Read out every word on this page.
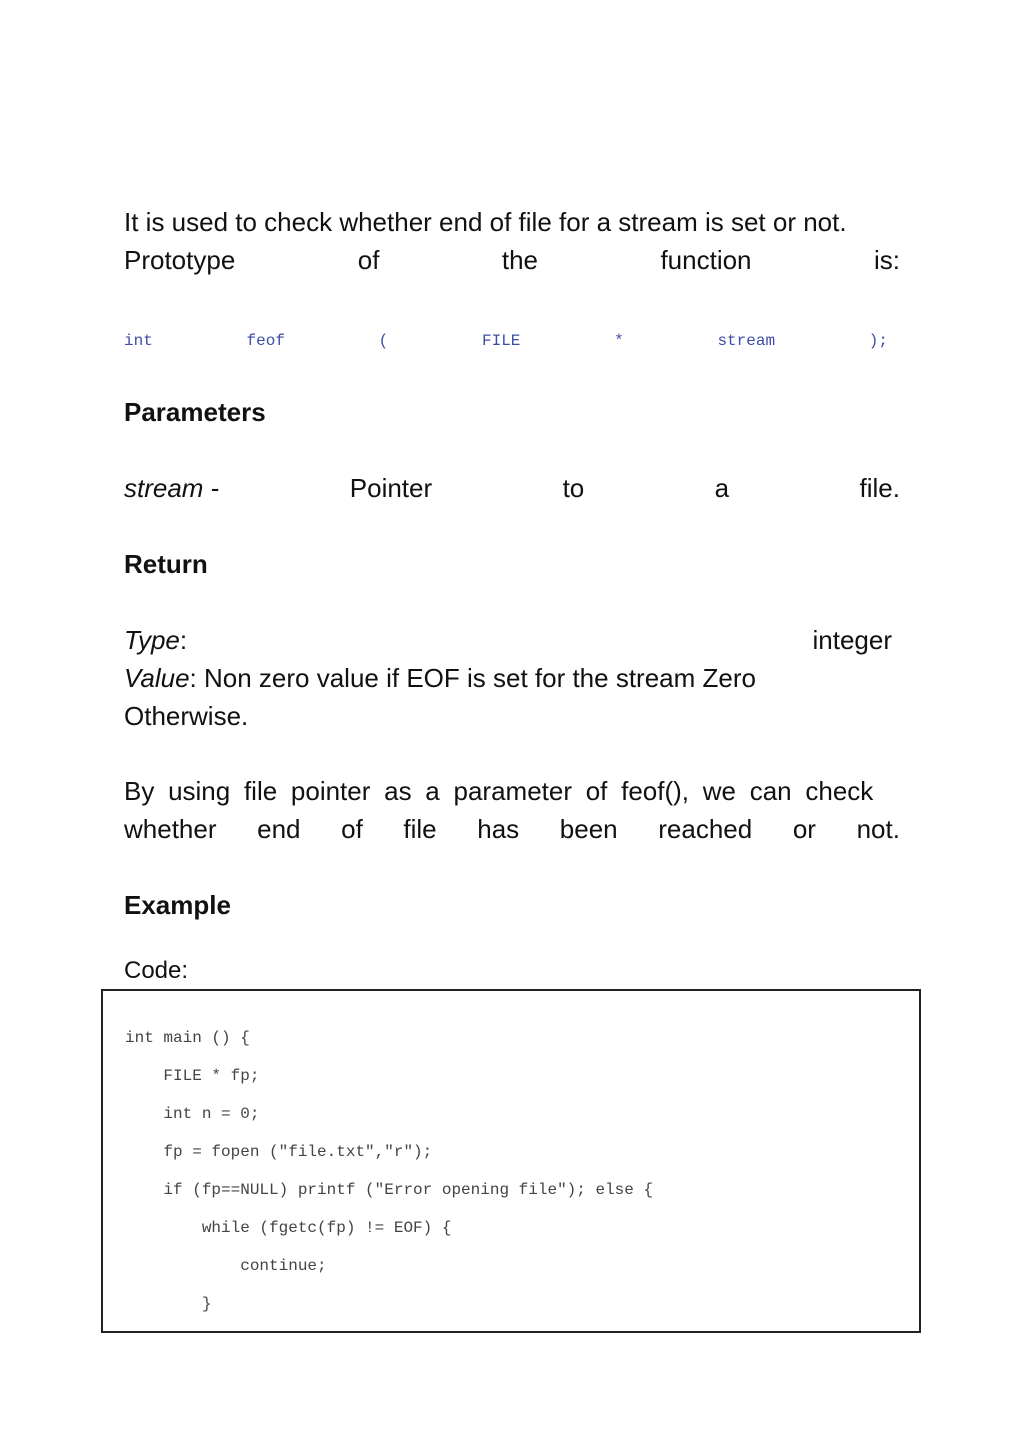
It is used to check whether end of file for a stream is set or not.

Prototype	of	the	function	is:
int	feof	(	FILE	*	stream	);
Parameters
stream -	Pointer	to	a	file.
Return
Type:	integer

Value: Non zero value if EOF is set for the stream Zero

Otherwise.

By using file pointer as a parameter of feof(), we can check
whether end of file has been reached or not.
Example

Code:

int main () {
FILE * fp;
int n = 0;
fp = fopen ("file.txt","r");
if (fp==NULL) printf ("Error opening file"); else {
while (fgetc(fp) != EOF) {
continue;
}
